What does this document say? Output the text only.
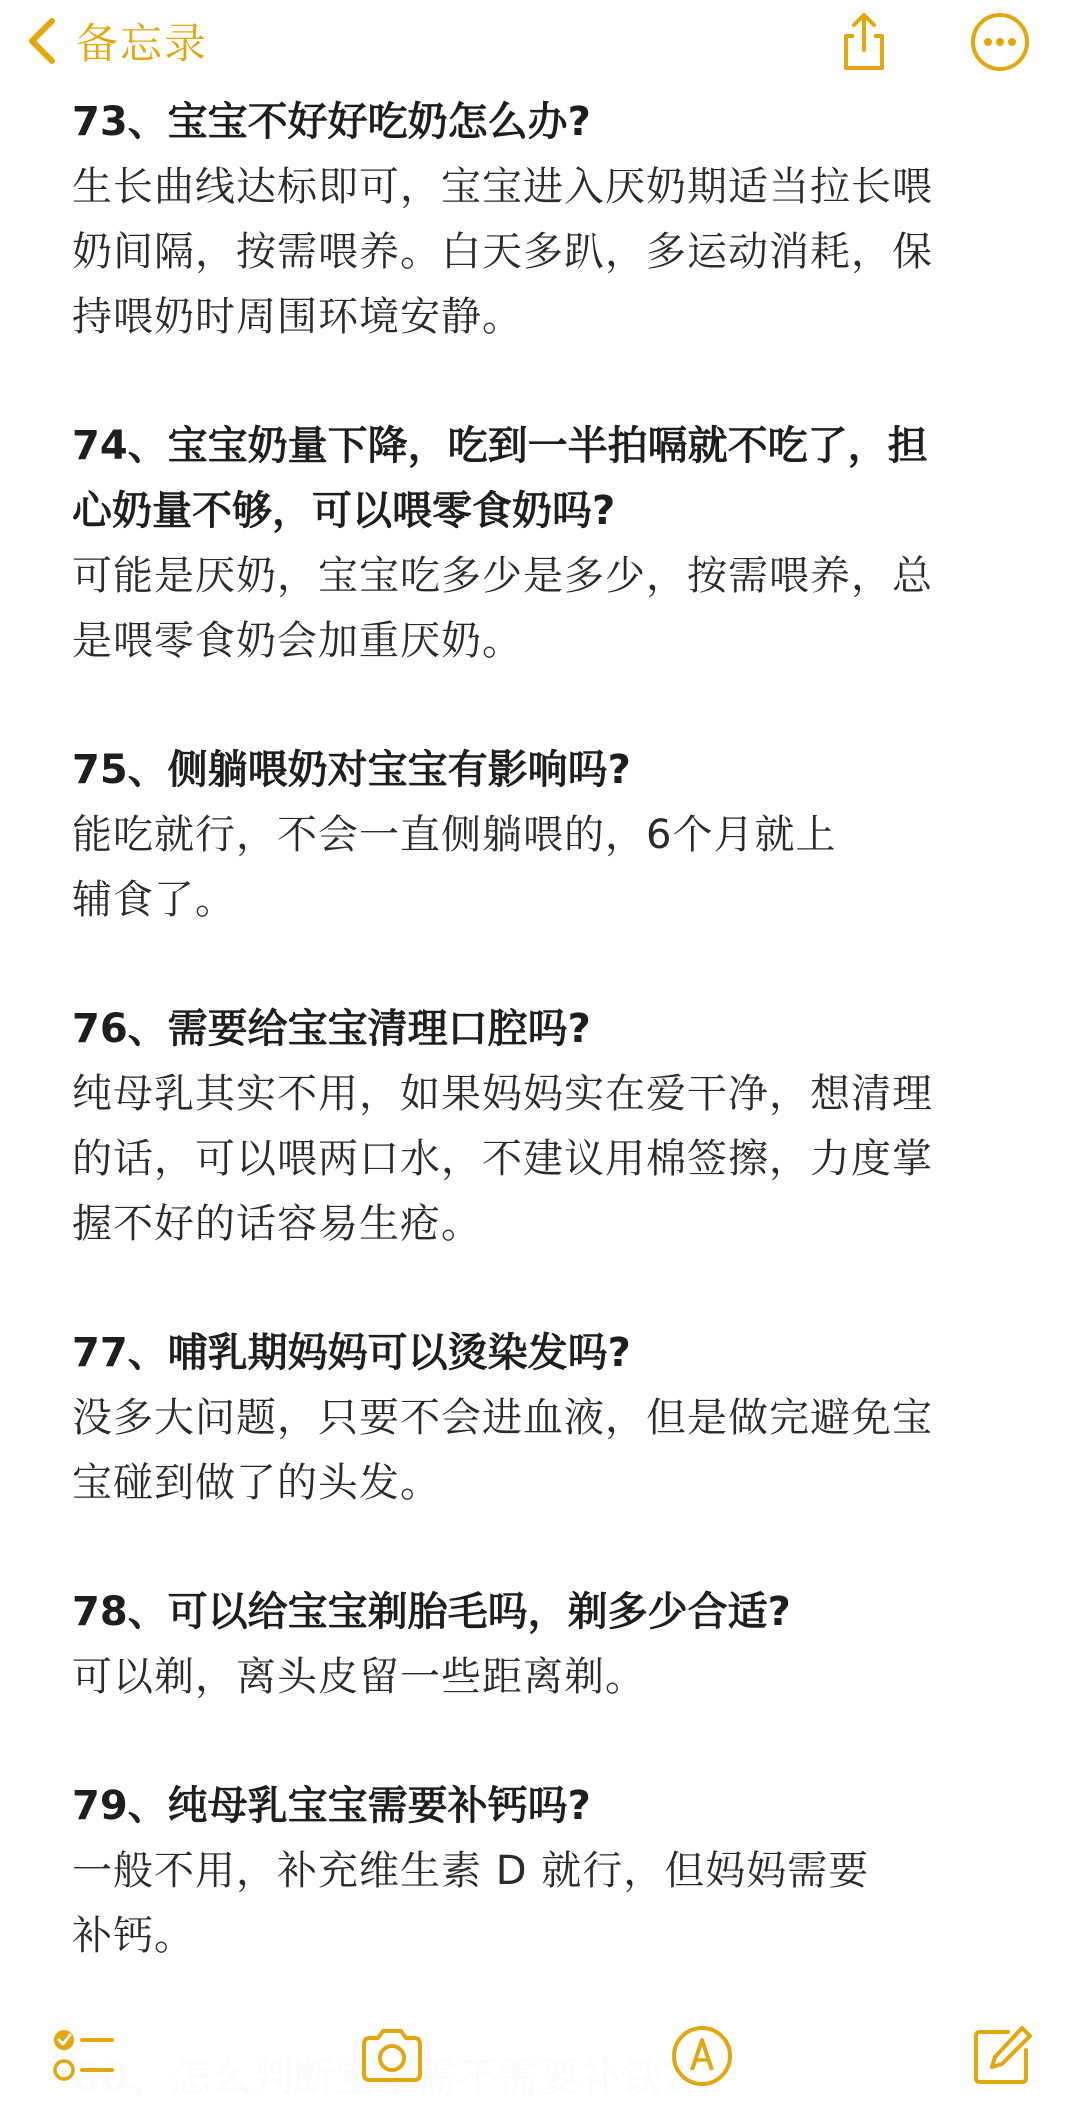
备忘录

73、宝宝不好好吃奶怎么办?

生长曲线达标即可，宝宝进入厌奶期适当拉长喂

奶间隔，按需喂养。白天多趴，多运动消耗，保

持喂奶时周围环境安静。

74、宝宝奶量下降，吃到一半拍嗝就不吃了，担

心奶量不够，可以喂零食奶吗?

可能是厌奶，宝宝吃多少是多少，按需喂养，总

是喂零食奶会加重厌奶。

75、侧躺喂奶对宝宝有影响吗?

能吃就行，不会一直侧躺喂的，6个月就上

辅食了。

76、需要给宝宝清理口腔吗?

纯母乳其实不用，如果妈妈实在爱干净，想清理

的话，可以喂两口水，不建议用棉签擦，力度掌

握不好的话容易生疮。

77、哺乳期妈妈可以烫染发吗?

没多大问题，只要不会进血液，但是做完避免宝

宝碰到做了的头发。

78、可以给宝宝剃胎毛吗，剃多少合适?

可以剃，离头皮留一些距离剃。

79、纯母乳宝宝需要补钙吗?

一般不用，补充维生素 D 就行，但妈妈需要

补钙。
